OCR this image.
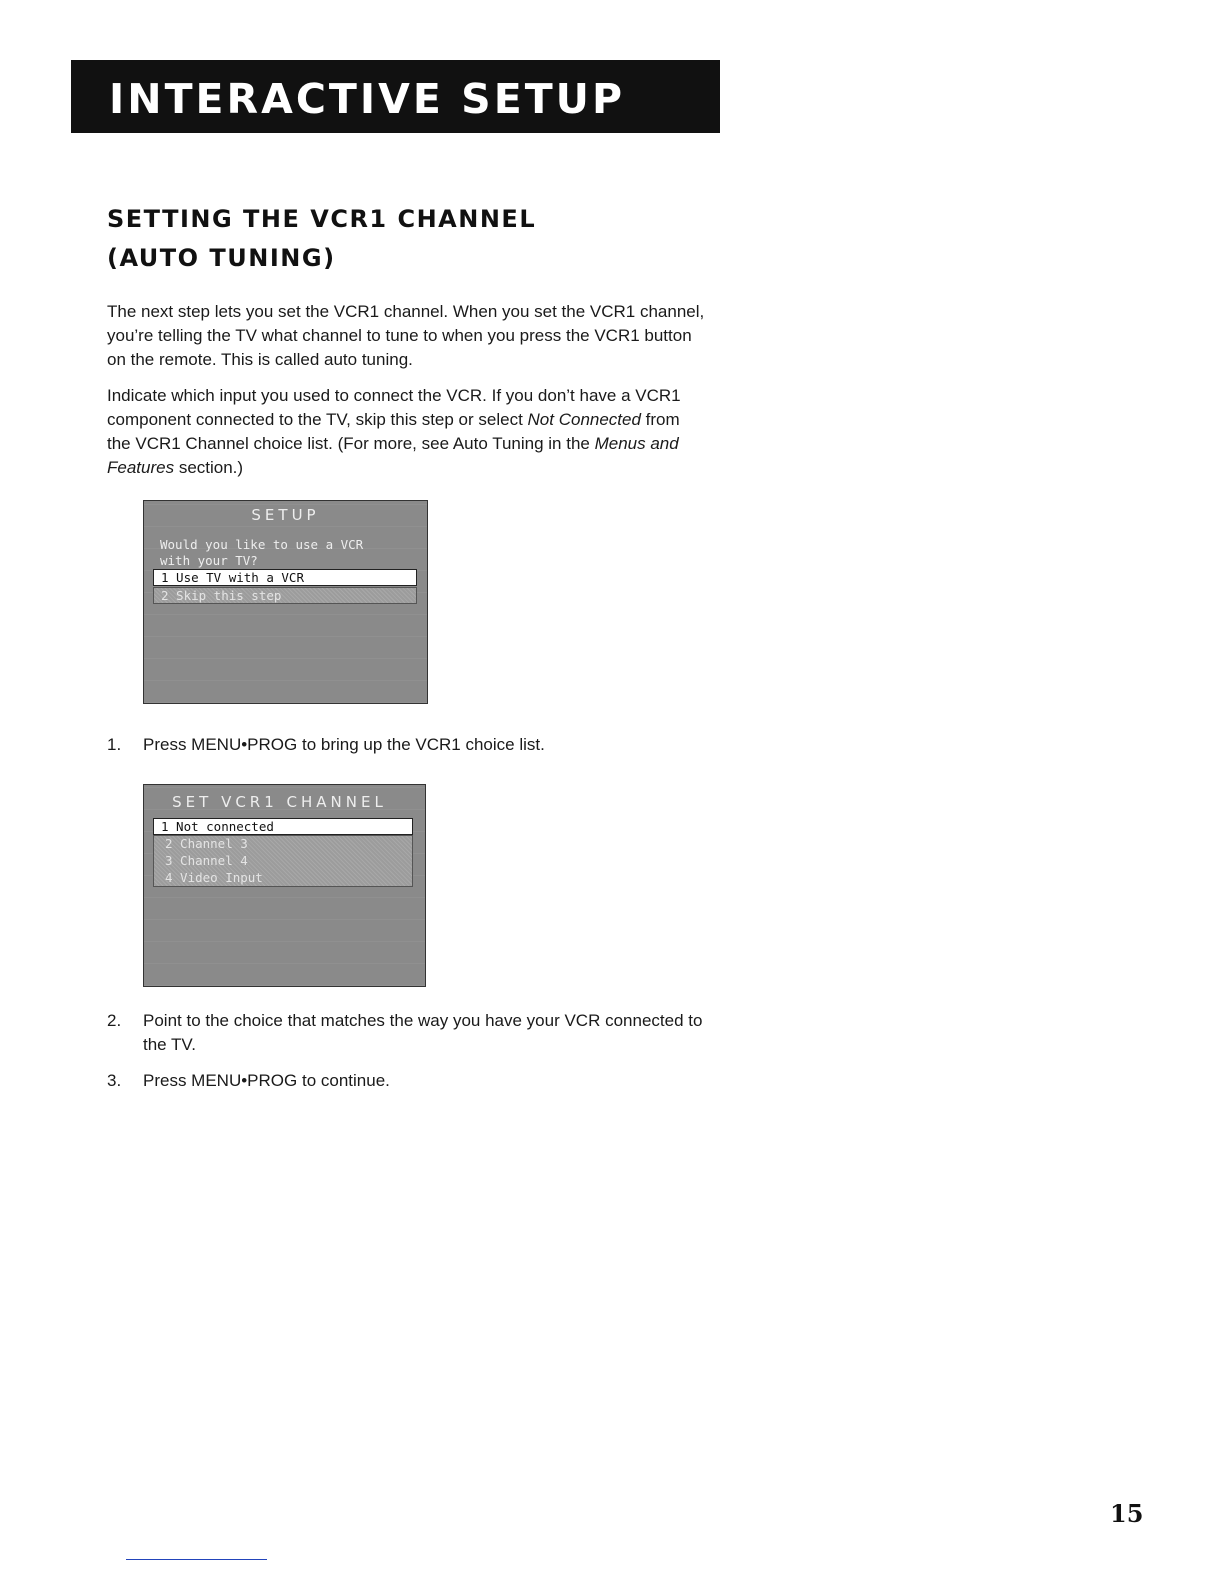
INTERACTIVE SETUP
SETTING THE VCR1 CHANNEL
(AUTO TUNING)

The next step lets you set the VCR1 channel. When you set the VCR1 channel, you’re telling the TV what channel to tune to when you press the VCR1 button on the remote. This is called auto tuning.

Indicate which input you used to connect the VCR. If you don’t have a VCR1 component connected to the TV, skip this step or select Not Connected from the VCR1 Channel choice list. (For more, see Auto Tuning in the Menus and Features section.)

SETUP
Would you like to use a VCR
with your TV?
1 Use TV with a VCR
2 Skip this step
1. Press MENU•PROG to bring up the VCR1 choice list.
SET VCR1 CHANNEL
1 Not connected
2 Channel 3
3 Channel 4
4 Video Input
2. Point to the choice that matches the way you have your VCR connected to the TV.
3. Press MENU•PROG to continue.
15
